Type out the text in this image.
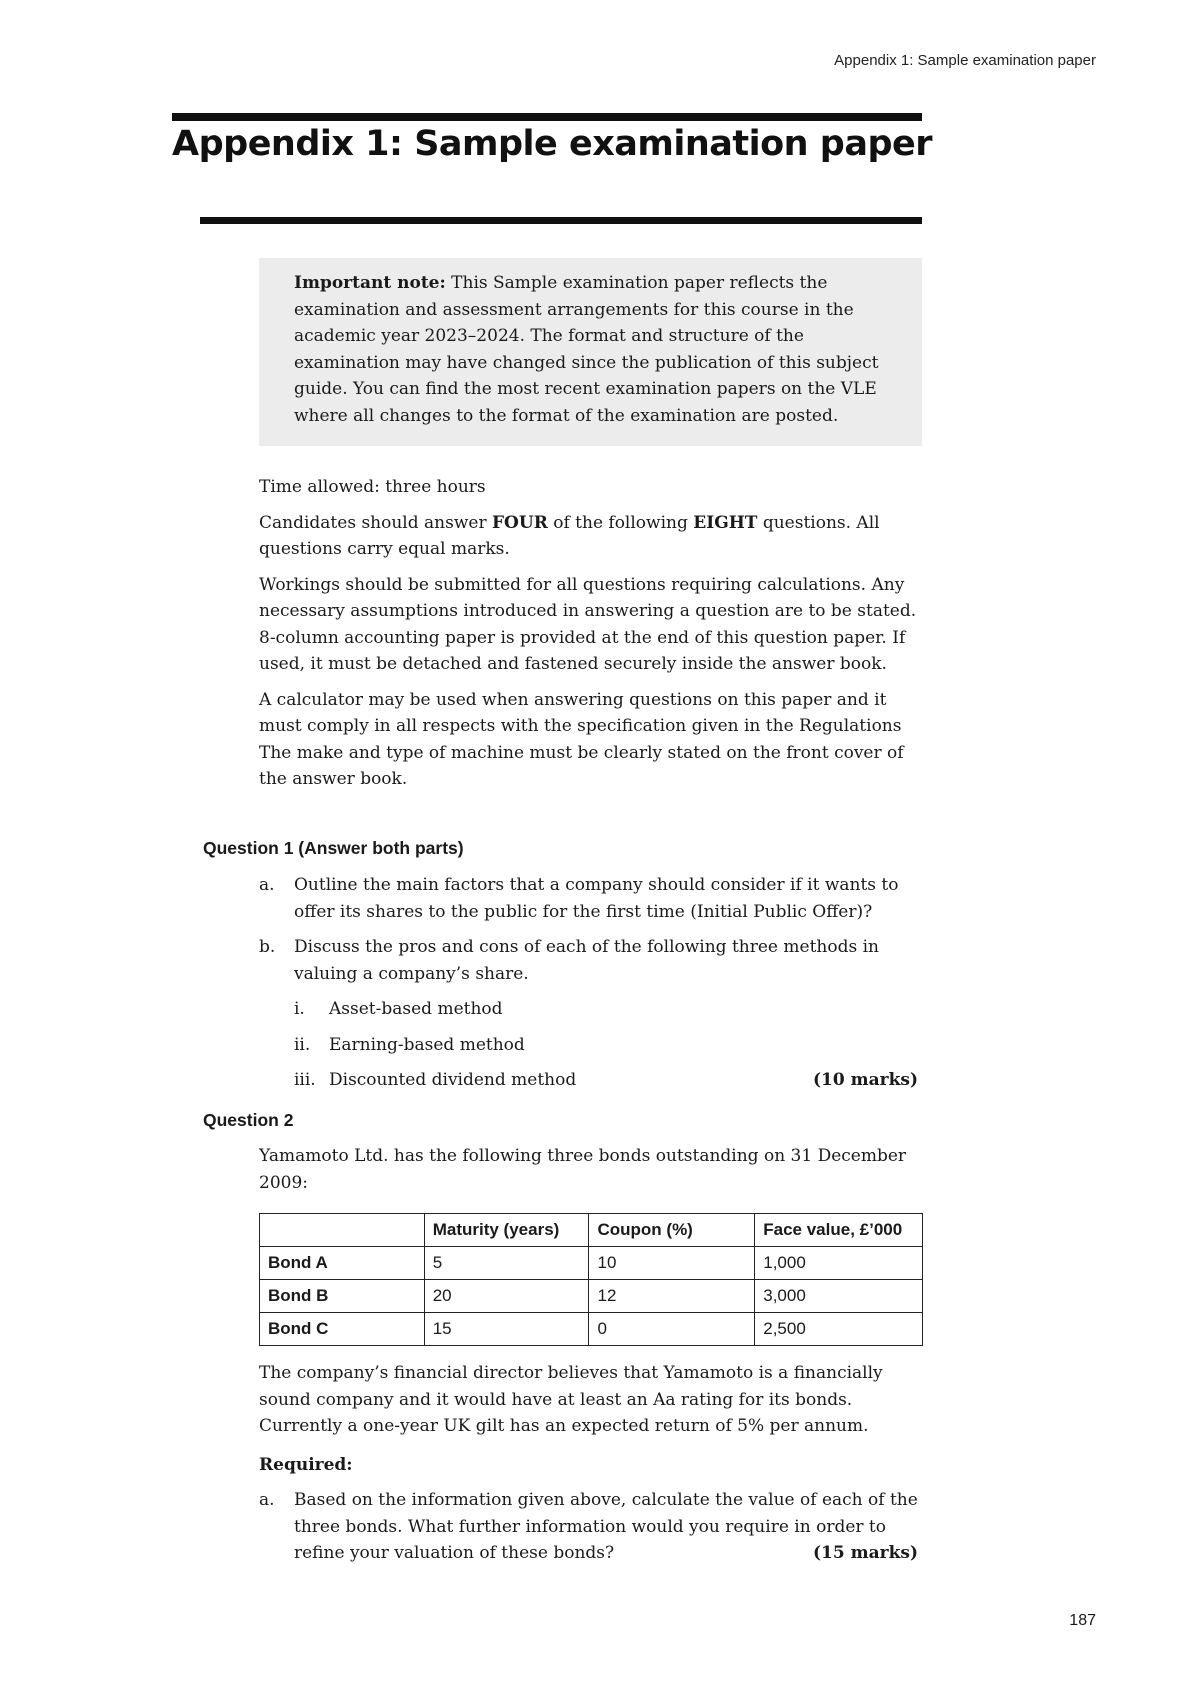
Appendix 1: Sample examination paper
Appendix 1: Sample examination paper
Important note: This Sample examination paper reflects the examination and assessment arrangements for this course in the academic year 2023–2024. The format and structure of the examination may have changed since the publication of this subject guide. You can find the most recent examination papers on the VLE where all changes to the format of the examination are posted.

Time allowed: three hours

Candidates should answer FOUR of the following EIGHT questions. All questions carry equal marks.

Workings should be submitted for all questions requiring calculations. Any necessary assumptions introduced in answering a question are to be stated. 8-column accounting paper is provided at the end of this question paper. If used, it must be detached and fastened securely inside the answer book.

A calculator may be used when answering questions on this paper and it must comply in all respects with the specification given in the Regulations The make and type of machine must be clearly stated on the front cover of the answer book.

Question 1 (Answer both parts)
a. Outline the main factors that a company should consider if it wants to offer its shares to the public for the first time (Initial Public Offer)?
b. Discuss the pros and cons of each of the following three methods in valuing a company’s share.
i. Asset-based method
ii. Earning-based method
iii. Discounted dividend method	(10 marks)
Question 2
Yamamoto Ltd. has the following three bonds outstanding on 31 December 2009:
	Maturity (years)	Coupon (%)	Face value, £’000
Bond A	5	10	1,000
Bond B	20	12	3,000
Bond C	15	0	2,500
The company’s financial director believes that Yamamoto is a financially sound company and it would have at least an Aa rating for its bonds. Currently a one-year UK gilt has an expected return of 5% per annum.
Required:
a. Based on the information given above, calculate the value of each of the three bonds. What further information would you require in order to refine your valuation of these bonds?	(15 marks)
187
